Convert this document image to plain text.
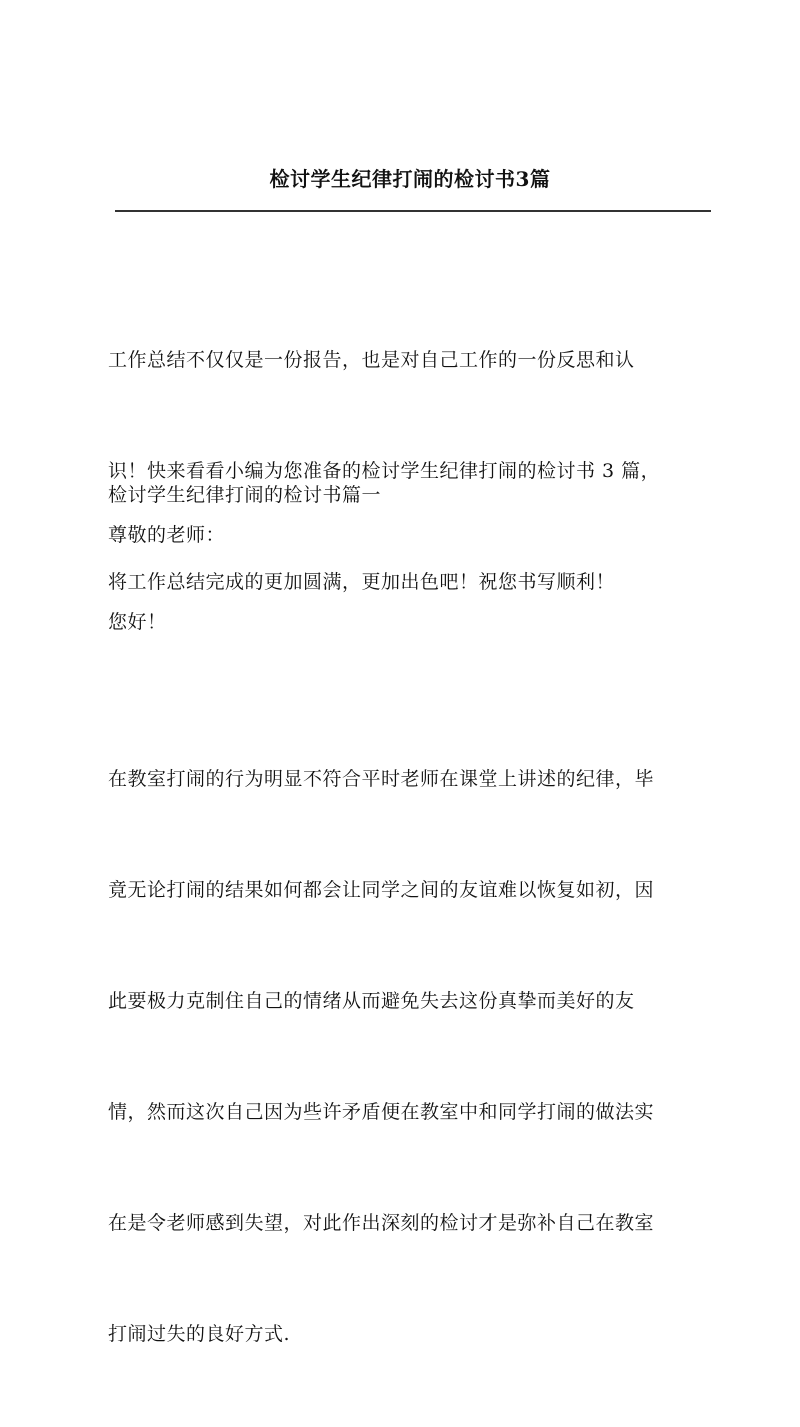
检讨学生纪律打闹的检讨书3篇

工作总结不仅仅是一份报告，也是对自己工作的一份反思和认

识！快来看看小编为您准备的检讨学生纪律打闹的检讨书 3 篇，

将工作总结完成的更加圆满，更加出色吧！祝您书写顺利！

检讨学生纪律打闹的检讨书篇一
尊敬的老师：
您好！

在教室打闹的行为明显不符合平时老师在课堂上讲述的纪律，毕

竟无论打闹的结果如何都会让同学之间的友谊难以恢复如初，因

此要极力克制住自己的情绪从而避免失去这份真挚而美好的友

情，然而这次自己因为些许矛盾便在教室中和同学打闹的做法实

在是令老师感到失望，对此作出深刻的检讨才是弥补自己在教室

打闹过失的良好方式.
